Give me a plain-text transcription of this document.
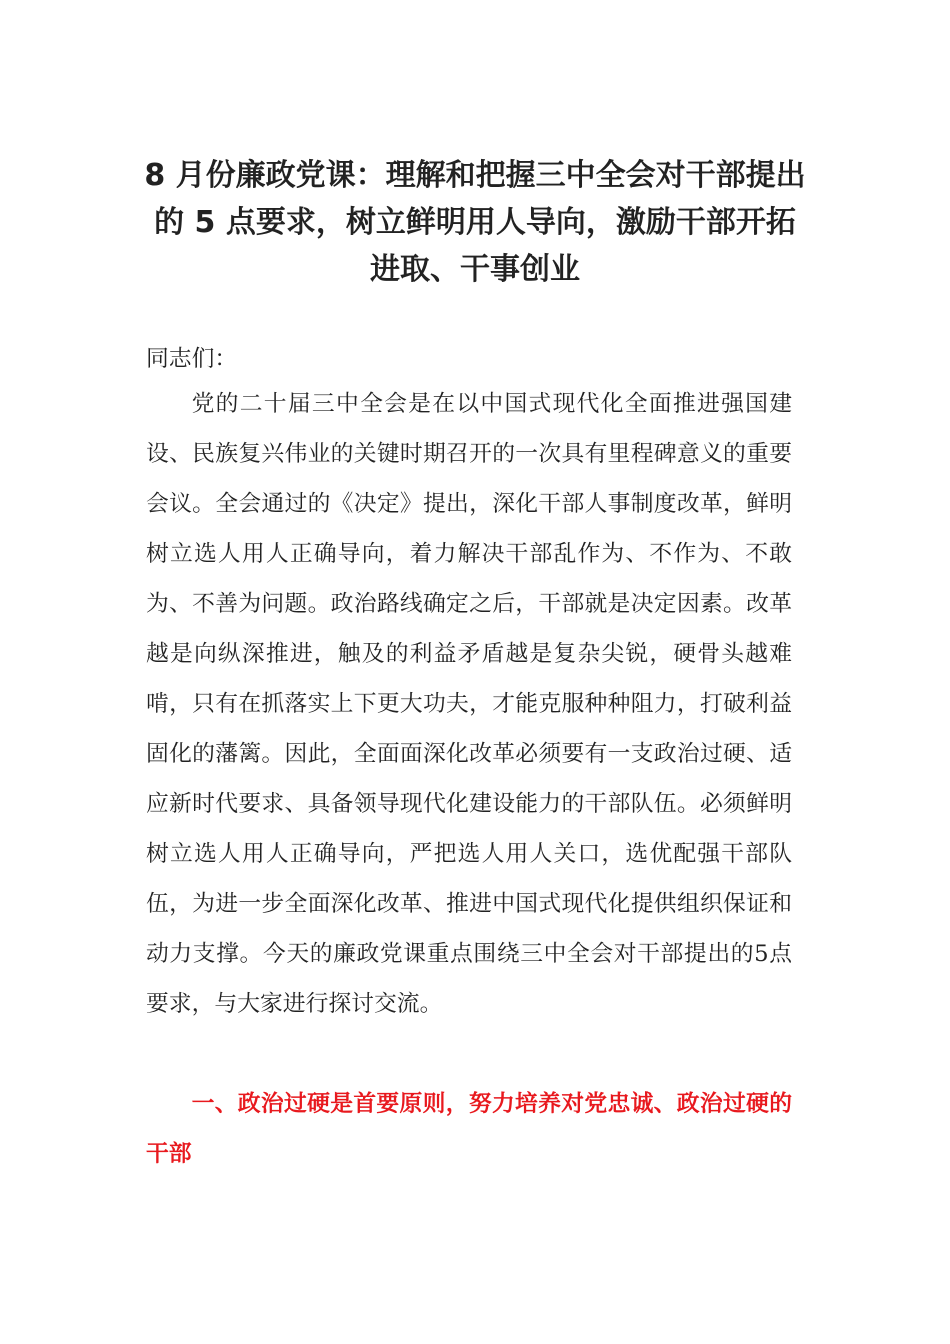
8 月份廉政党课：理解和把握三中全会对干部提出的 5 点要求，树立鲜明用人导向，激励干部开拓进取、干事创业

同志们：

党的二十届三中全会是在以中国式现代化全面推进强国建设、民族复兴伟业的关键时期召开的一次具有里程碑意义的重要会议。全会通过的《决定》提出，深化干部人事制度改革，鲜明树立选人用人正确导向，着力解决干部乱作为、不作为、不敢为、不善为问题。政治路线确定之后，干部就是决定因素。改革越是向纵深推进，触及的利益矛盾越是复杂尖锐，硬骨头越难啃，只有在抓落实上下更大功夫，才能克服种种阻力，打破利益固化的藩篱。因此，全面面深化改革必须要有一支政治过硬、适应新时代要求、具备领导现代化建设能力的干部队伍。必须鲜明树立选人用人正确导向，严把选人用人关口，选优配强干部队伍，为进一步全面深化改革、推进中国式现代化提供组织保证和动力支撑。今天的廉政党课重点围绕三中全会对干部提出的5点要求，与大家进行探讨交流。

一、政治过硬是首要原则，努力培养对党忠诚、政治过硬的干部
